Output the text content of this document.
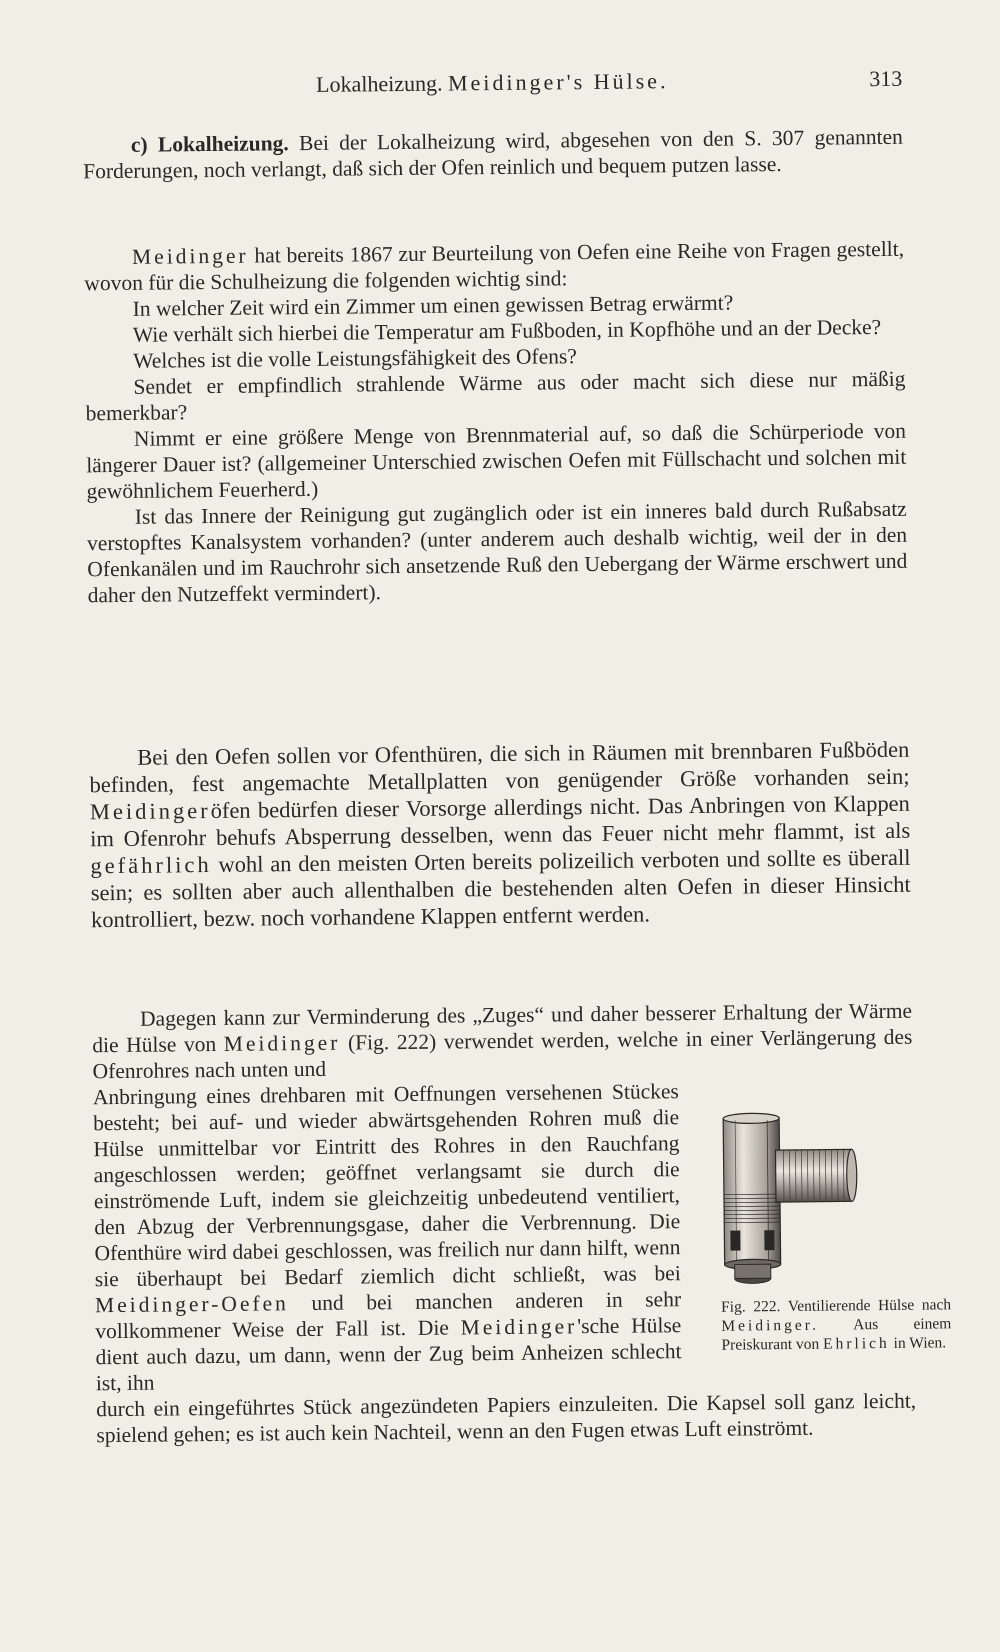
Lokalheizung. Meidinger's Hülse.	313

c) Lokalheizung. Bei der Lokalheizung wird, abgesehen von den S. 307 genannten Forderungen, noch verlangt, daß sich der Ofen reinlich und bequem putzen lasse.

Meidinger hat bereits 1867 zur Beurteilung von Oefen eine Reihe von Fragen gestellt, wovon für die Schulheizung die folgenden wichtig sind:

In welcher Zeit wird ein Zimmer um einen gewissen Betrag erwärmt?

Wie verhält sich hierbei die Temperatur am Fußboden, in Kopfhöhe und an der Decke?

Welches ist die volle Leistungsfähigkeit des Ofens?

Sendet er empfindlich strahlende Wärme aus oder macht sich diese nur mäßig bemerkbar?

Nimmt er eine größere Menge von Brennmaterial auf, so daß die Schürperiode von längerer Dauer ist? (allgemeiner Unterschied zwischen Oefen mit Füllschacht und solchen mit gewöhnlichem Feuerherd.)

Ist das Innere der Reinigung gut zugänglich oder ist ein inneres bald durch Rußabsatz verstopftes Kanalsystem vorhanden? (unter anderem auch deshalb wichtig, weil der in den Ofenkanälen und im Rauchrohr sich ansetzende Ruß den Uebergang der Wärme erschwert und daher den Nutzeffekt vermindert).

Bei den Oefen sollen vor Ofenthüren, die sich in Räumen mit brennbaren Fußböden befinden, fest angemachte Metallplatten von genügender Größe vorhanden sein; Meidingeröfen bedürfen dieser Vorsorge allerdings nicht. Das Anbringen von Klappen im Ofenrohr behufs Absperrung desselben, wenn das Feuer nicht mehr flammt, ist als gefährlich wohl an den meisten Orten bereits polizeilich verboten und sollte es überall sein; es sollten aber auch allenthalben die bestehenden alten Oefen in dieser Hinsicht kontrolliert, bezw. noch vorhandene Klappen entfernt werden.

Dagegen kann zur Verminderung des „Zuges“ und daher besserer Erhaltung der Wärme die Hülse von Meidinger (Fig. 222) verwendet werden, welche in einer Verlängerung des Ofenrohres nach unten und

Anbringung eines drehbaren mit Oeffnungen versehenen Stückes besteht; bei auf- und wieder abwärtsgehenden Rohren muß die Hülse unmittelbar vor Eintritt des Rohres in den Rauchfang angeschlossen werden; geöffnet verlangsamt sie durch die einströmende Luft, indem sie gleichzeitig unbedeutend ventiliert, den Abzug der Verbrennungsgase, daher die Verbrennung. Die Ofenthüre wird dabei geschlossen, was freilich nur dann hilft, wenn sie überhaupt bei Bedarf ziemlich dicht schließt, was bei Meidinger-Oefen und bei manchen anderen in sehr vollkommener Weise der Fall ist. Die Meidinger'sche Hülse dient auch dazu, um dann, wenn der Zug beim Anheizen schlecht ist, ihn

durch ein eingeführtes Stück angezündeten Papiers einzuleiten. Die Kapsel soll ganz leicht, spielend gehen; es ist auch kein Nachteil, wenn an den Fugen etwas Luft einströmt.

Fig. 222. Ventilierende Hülse nach Meidinger. Aus einem Preiskurant von Ehrlich in Wien.
